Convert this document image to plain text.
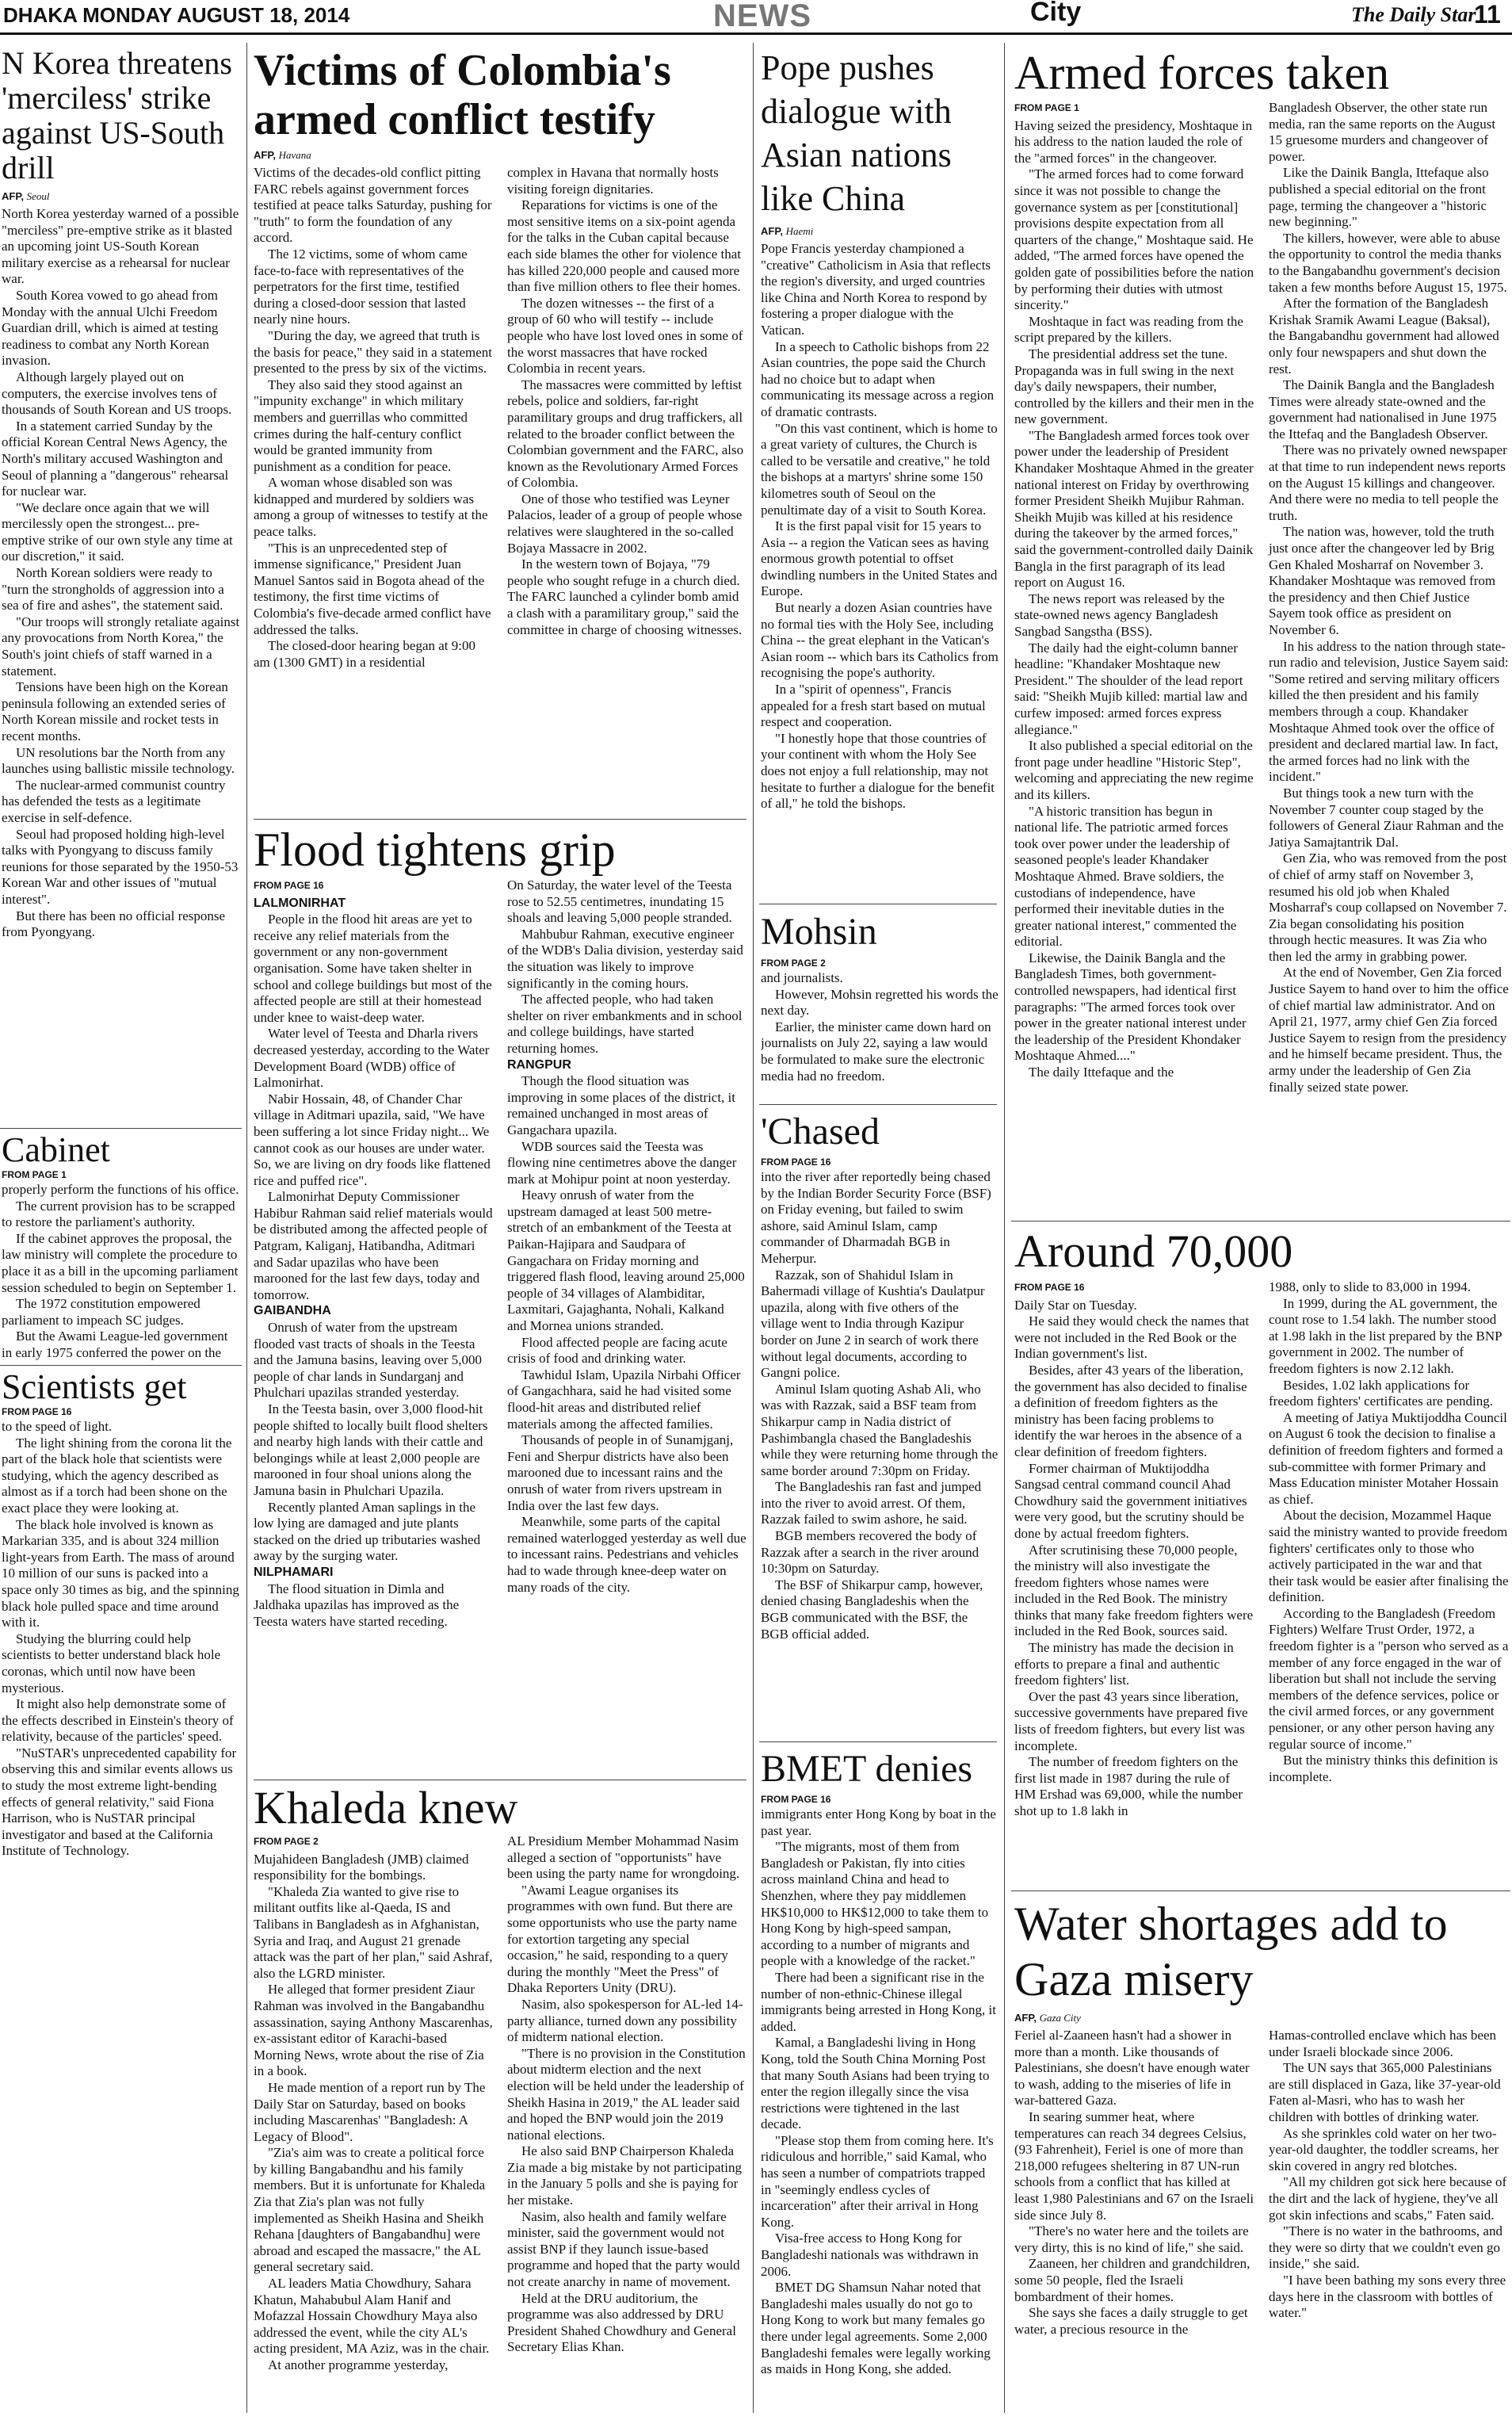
DHAKA MONDAY AUGUST 18, 2014	NEWS	City	The Daily Star
11
N Korea threatens 'merciless' strike against US-South drill
AFP, Seoul

North Korea yesterday warned of a possible "merciless" pre-emptive strike as it blasted an upcoming joint US-South Korean military exercise as a rehearsal for nuclear war.

South Korea vowed to go ahead from Monday with the annual Ulchi Freedom Guardian drill, which is aimed at testing readiness to combat any North Korean invasion.

Although largely played out on computers, the exercise involves tens of thousands of South Korean and US troops.

In a statement carried Sunday by the official Korean Central News Agency, the North's military accused Washington and Seoul of planning a "dangerous" rehearsal for nuclear war.

"We declare once again that we will mercilessly open the strongest... pre-emptive strike of our own style any time at our discretion," it said.

North Korean soldiers were ready to "turn the strongholds of aggression into a sea of fire and ashes", the statement said.

"Our troops will strongly retaliate against any provocations from North Korea," the South's joint chiefs of staff warned in a statement.

Tensions have been high on the Korean peninsula following an extended series of North Korean missile and rocket tests in recent months.

UN resolutions bar the North from any launches using ballistic missile technology.

The nuclear-armed communist country has defended the tests as a legitimate exercise in self-defence.

Seoul had proposed holding high-level talks with Pyongyang to discuss family reunions for those separated by the 1950-53 Korean War and other issues of "mutual interest".

But there has been no official response from Pyongyang.

Cabinet
FROM PAGE 1

properly perform the functions of his office.

The current provision has to be scrapped to restore the parliament's authority.

If the cabinet approves the proposal, the law ministry will complete the procedure to place it as a bill in the upcoming parliament session scheduled to begin on September 1.

The 1972 constitution empowered parliament to impeach SC judges.

But the Awami League-led government in early 1975 conferred the power on the

Scientists get
FROM PAGE 16

to the speed of light.

The light shining from the corona lit the part of the black hole that scientists were studying, which the agency described as almost as if a torch had been shone on the exact place they were looking at.

The black hole involved is known as Markarian 335, and is about 324 million light-years from Earth. The mass of around 10 million of our suns is packed into a space only 30 times as big, and the spinning black hole pulled space and time around with it.

Studying the blurring could help scientists to better understand black hole coronas, which until now have been mysterious.

It might also help demonstrate some of the effects described in Einstein's theory of relativity, because of the particles' speed.

"NuSTAR's unprecedented capability for observing this and similar events allows us to study the most extreme light-bending effects of general relativity," said Fiona Harrison, who is NuSTAR principal investigator and based at the California Institute of Technology.

Victims of Colombia's armed conflict testify
AFP, Havana

Victims of the decades-old conflict pitting FARC rebels against government forces testified at peace talks Saturday, pushing for "truth" to form the foundation of any accord.

The 12 victims, some of whom came face-to-face with representatives of the perpetrators for the first time, testified during a closed-door session that lasted nearly nine hours.

"During the day, we agreed that truth is the basis for peace," they said in a statement presented to the press by six of the victims.

They also said they stood against an "impunity exchange" in which military members and guerrillas who committed crimes during the half-century conflict would be granted immunity from punishment as a condition for peace.

A woman whose disabled son was kidnapped and murdered by soldiers was among a group of witnesses to testify at the peace talks.

"This is an unprecedented step of immense significance," President Juan Manuel Santos said in Bogota ahead of the testimony, the first time victims of Colombia's five-decade armed conflict have addressed the talks.

The closed-door hearing began at 9:00 am (1300 GMT) in a residential

complex in Havana that normally hosts visiting foreign dignitaries.

Reparations for victims is one of the most sensitive items on a six-point agenda for the talks in the Cuban capital because each side blames the other for violence that has killed 220,000 people and caused more than five million others to flee their homes.

The dozen witnesses -- the first of a group of 60 who will testify -- include people who have lost loved ones in some of the worst massacres that have rocked Colombia in recent years.

The massacres were committed by leftist rebels, police and soldiers, far-right paramilitary groups and drug traffickers, all related to the broader conflict between the Colombian government and the FARC, also known as the Revolutionary Armed Forces of Colombia.

One of those who testified was Leyner Palacios, leader of a group of people whose relatives were slaughtered in the so-called Bojaya Massacre in 2002.

In the western town of Bojaya, "79 people who sought refuge in a church died. The FARC launched a cylinder bomb amid a clash with a paramilitary group," said the committee in charge of choosing witnesses.

Flood tightens grip
FROM PAGE 16

LALMONIRHAT

People in the flood hit areas are yet to receive any relief materials from the government or any non-government organisation. Some have taken shelter in school and college buildings but most of the affected people are still at their homestead under knee to waist-deep water.

Water level of Teesta and Dharla rivers decreased yesterday, according to the Water Development Board (WDB) office of Lalmonirhat.

Nabir Hossain, 48, of Chander Char village in Aditmari upazila, said, "We have been suffering a lot since Friday night... We cannot cook as our houses are under water. So, we are living on dry foods like flattened rice and puffed rice".

Lalmonirhat Deputy Commissioner Habibur Rahman said relief materials would be distributed among the affected people of Patgram, Kaliganj, Hatibandha, Aditmari and Sadar upazilas who have been marooned for the last few days, today and tomorrow.

GAIBANDHA

Onrush of water from the upstream flooded vast tracts of shoals in the Teesta and the Jamuna basins, leaving over 5,000 people of char lands in Sundarganj and Phulchari upazilas stranded yesterday.

In the Teesta basin, over 3,000 flood-hit people shifted to locally built flood shelters and nearby high lands with their cattle and belongings while at least 2,000 people are marooned in four shoal unions along the Jamuna basin in Phulchari Upazila.

Recently planted Aman saplings in the low lying are damaged and jute plants stacked on the dried up tributaries washed away by the surging water.

NILPHAMARI

The flood situation in Dimla and Jaldhaka upazilas has improved as the Teesta waters have started receding.

On Saturday, the water level of the Teesta rose to 52.55 centimetres, inundating 15 shoals and leaving 5,000 people stranded.

Mahbubur Rahman, executive engineer of the WDB's Dalia division, yesterday said the situation was likely to improve significantly in the coming hours.

The affected people, who had taken shelter on river embankments and in school and college buildings, have started returning homes.

RANGPUR

Though the flood situation was improving in some places of the district, it remained unchanged in most areas of Gangachara upazila.

WDB sources said the Teesta was flowing nine centimetres above the danger mark at Mohipur point at noon yesterday.

Heavy onrush of water from the upstream damaged at least 500 metre-stretch of an embankment of the Teesta at Paikan-Hajipara and Saudpara of Gangachara on Friday morning and triggered flash flood, leaving around 25,000 people of 34 villages of Alambiditar, Laxmitari, Gajaghanta, Nohali, Kalkand and Mornea unions stranded.

Flood affected people are facing acute crisis of food and drinking water.

Tawhidul Islam, Upazila Nirbahi Officer of Gangachhara, said he had visited some flood-hit areas and distributed relief materials among the affected families.

Thousands of people in of Sunamjganj, Feni and Sherpur districts have also been marooned due to incessant rains and the onrush of water from rivers upstream in India over the last few days.

Meanwhile, some parts of the capital remained waterlogged yesterday as well due to incessant rains. Pedestrians and vehicles had to wade through knee-deep water on many roads of the city.

Khaleda knew
FROM PAGE 2

Mujahideen Bangladesh (JMB) claimed responsibility for the bombings.

"Khaleda Zia wanted to give rise to militant outfits like al-Qaeda, IS and Talibans in Bangladesh as in Afghanistan, Syria and Iraq, and August 21 grenade attack was the part of her plan," said Ashraf, also the LGRD minister.

He alleged that former president Ziaur Rahman was involved in the Bangabandhu assassination, saying Anthony Mascarenhas, ex-assistant editor of Karachi-based Morning News, wrote about the rise of Zia in a book.

He made mention of a report run by The Daily Star on Saturday, based on books including Mascarenhas' "Bangladesh: A Legacy of Blood".

"Zia's aim was to create a political force by killing Bangabandhu and his family members. But it is unfortunate for Khaleda Zia that Zia's plan was not fully implemented as Sheikh Hasina and Sheikh Rehana [daughters of Bangabandhu] were abroad and escaped the massacre," the AL general secretary said.

AL leaders Matia Chowdhury, Sahara Khatun, Mahabubul Alam Hanif and Mofazzal Hossain Chowdhury Maya also addressed the event, while the city AL's acting president, MA Aziz, was in the chair.

At another programme yesterday,

AL Presidium Member Mohammad Nasim alleged a section of "opportunists" have been using the party name for wrongdoing.

"Awami League organises its programmes with own fund. But there are some opportunists who use the party name for extortion targeting any special occasion," he said, responding to a query during the monthly "Meet the Press" of Dhaka Reporters Unity (DRU).

Nasim, also spokesperson for AL-led 14-party alliance, turned down any possibility of midterm national election.

"There is no provision in the Constitution about midterm election and the next election will be held under the leadership of Sheikh Hasina in 2019," the AL leader said and hoped the BNP would join the 2019 national elections.

He also said BNP Chairperson Khaleda Zia made a big mistake by not participating in the January 5 polls and she is paying for her mistake.

Nasim, also health and family welfare minister, said the government would not assist BNP if they launch issue-based programme and hoped that the party would not create anarchy in name of movement.

Held at the DRU auditorium, the programme was also addressed by DRU President Shahed Chowdhury and General Secretary Elias Khan.

Pope pushes dialogue with Asian nations like China
AFP, Haemi

Pope Francis yesterday championed a "creative" Catholicism in Asia that reflects the region's diversity, and urged countries like China and North Korea to respond by fostering a proper dialogue with the Vatican.

In a speech to Catholic bishops from 22 Asian countries, the pope said the Church had no choice but to adapt when communicating its message across a region of dramatic contrasts.

"On this vast continent, which is home to a great variety of cultures, the Church is called to be versatile and creative," he told the bishops at a martyrs' shrine some 150 kilometres south of Seoul on the penultimate day of a visit to South Korea.

It is the first papal visit for 15 years to Asia -- a region the Vatican sees as having enormous growth potential to offset dwindling numbers in the United States and Europe.

But nearly a dozen Asian countries have no formal ties with the Holy See, including China -- the great elephant in the Vatican's Asian room -- which bars its Catholics from recognising the pope's authority.

In a "spirit of openness", Francis appealed for a fresh start based on mutual respect and cooperation.

"I honestly hope that those countries of your continent with whom the Holy See does not enjoy a full relationship, may not hesitate to further a dialogue for the benefit of all," he told the bishops.

Mohsin
FROM PAGE 2

and journalists.

However, Mohsin regretted his words the next day.

Earlier, the minister came down hard on journalists on July 22, saying a law would be formulated to make sure the electronic media had no freedom.

'Chased
FROM PAGE 16

into the river after reportedly being chased by the Indian Border Security Force (BSF) on Friday evening, but failed to swim ashore, said Aminul Islam, camp commander of Dharmadah BGB in Meherpur.

Razzak, son of Shahidul Islam in Bahermadi village of Kushtia's Daulatpur upazila, along with five others of the village went to India through Kazipur border on June 2 in search of work there without legal documents, according to Gangni police.

Aminul Islam quoting Ashab Ali, who was with Razzak, said a BSF team from Shikarpur camp in Nadia district of Pashimbangla chased the Bangladeshis while they were returning home through the same border around 7:30pm on Friday.

The Bangladeshis ran fast and jumped into the river to avoid arrest. Of them, Razzak failed to swim ashore, he said.

BGB members recovered the body of Razzak after a search in the river around 10:30pm on Saturday.

The BSF of Shikarpur camp, however, denied chasing Bangladeshis when the BGB communicated with the BSF, the BGB official added.

BMET denies
FROM PAGE 16

immigrants enter Hong Kong by boat in the past year.

"The migrants, most of them from Bangladesh or Pakistan, fly into cities across mainland China and head to Shenzhen, where they pay middlemen HK$10,000 to HK$12,000 to take them to Hong Kong by high-speed sampan, according to a number of migrants and people with a knowledge of the racket."

There had been a significant rise in the number of non-ethnic-Chinese illegal immigrants being arrested in Hong Kong, it added.

Kamal, a Bangladeshi living in Hong Kong, told the South China Morning Post that many South Asians had been trying to enter the region illegally since the visa restrictions were tightened in the last decade.

"Please stop them from coming here. It's ridiculous and horrible," said Kamal, who has seen a number of compatriots trapped in "seemingly endless cycles of incarceration" after their arrival in Hong Kong.

Visa-free access to Hong Kong for Bangladeshi nationals was withdrawn in 2006.

BMET DG Shamsun Nahar noted that Bangladeshi males usually do not go to Hong Kong to work but many females go there under legal agreements. Some 2,000 Bangladeshi females were legally working as maids in Hong Kong, she added.

Armed forces taken
FROM PAGE 1

Having seized the presidency, Moshtaque in his address to the nation lauded the role of the "armed forces" in the changeover.

"The armed forces had to come forward since it was not possible to change the governance system as per [constitutional] provisions despite expectation from all quarters of the change," Moshtaque said. He added, "The armed forces have opened the golden gate of possibilities before the nation by performing their duties with utmost sincerity."

Moshtaque in fact was reading from the script prepared by the killers.

The presidential address set the tune. Propaganda was in full swing in the next day's daily newspapers, their number, controlled by the killers and their men in the new government.

"The Bangladesh armed forces took over power under the leadership of President Khandaker Moshtaque Ahmed in the greater national interest on Friday by overthrowing former President Sheikh Mujibur Rahman. Sheikh Mujib was killed at his residence during the takeover by the armed forces," said the government-controlled daily Dainik Bangla in the first paragraph of its lead report on August 16.

The news report was released by the state-owned news agency Bangladesh Sangbad Sangstha (BSS).

The daily had the eight-column banner headline: "Khandaker Moshtaque new President." The shoulder of the lead report said: "Sheikh Mujib killed: martial law and curfew imposed: armed forces express allegiance."

It also published a special editorial on the front page under headline "Historic Step", welcoming and appreciating the new regime and its killers.

"A historic transition has begun in national life. The patriotic armed forces took over power under the leadership of seasoned people's leader Khandaker Moshtaque Ahmed. Brave soldiers, the custodians of independence, have performed their inevitable duties in the greater national interest," commented the editorial.

Likewise, the Dainik Bangla and the Bangladesh Times, both government-controlled newspapers, had identical first paragraphs: "The armed forces took over power in the greater national interest under the leadership of the President Khondaker Moshtaque Ahmed...."

The daily Ittefaque and the

Bangladesh Observer, the other state run media, ran the same reports on the August 15 gruesome murders and changeover of power.

Like the Dainik Bangla, Ittefaque also published a special editorial on the front page, terming the changeover a "historic new beginning."

The killers, however, were able to abuse the opportunity to control the media thanks to the Bangabandhu government's decision taken a few months before August 15, 1975.

After the formation of the Bangladesh Krishak Sramik Awami League (Baksal), the Bangabandhu government had allowed only four newspapers and shut down the rest.

The Dainik Bangla and the Bangladesh Times were already state-owned and the government had nationalised in June 1975 the Ittefaq and the Bangladesh Observer.

There was no privately owned newspaper at that time to run independent news reports on the August 15 killings and changeover. And there were no media to tell people the truth.

The nation was, however, told the truth just once after the changeover led by Brig Gen Khaled Mosharraf on November 3. Khandaker Moshtaque was removed from the presidency and then Chief Justice Sayem took office as president on November 6.

In his address to the nation through state-run radio and television, Justice Sayem said: "Some retired and serving military officers killed the then president and his family members through a coup. Khandaker Moshtaque Ahmed took over the office of president and declared martial law. In fact, the armed forces had no link with the incident."

But things took a new turn with the November 7 counter coup staged by the followers of General Ziaur Rahman and the Jatiya Samajtantrik Dal.

Gen Zia, who was removed from the post of chief of army staff on November 3, resumed his old job when Khaled Mosharraf's coup collapsed on November 7. Zia began consolidating his position through hectic measures. It was Zia who then led the army in grabbing power.

At the end of November, Gen Zia forced Justice Sayem to hand over to him the office of chief martial law administrator. And on April 21, 1977, army chief Gen Zia forced Justice Sayem to resign from the presidency and he himself became president. Thus, the army under the leadership of Gen Zia finally seized state power.

Around 70,000
FROM PAGE 16

Daily Star on Tuesday.

He said they would check the names that were not included in the Red Book or the Indian government's list.

Besides, after 43 years of the liberation, the government has also decided to finalise a definition of freedom fighters as the ministry has been facing problems to identify the war heroes in the absence of a clear definition of freedom fighters.

Former chairman of Muktijoddha Sangsad central command council Ahad Chowdhury said the government initiatives were very good, but the scrutiny should be done by actual freedom fighters.

After scrutinising these 70,000 people, the ministry will also investigate the freedom fighters whose names were included in the Red Book. The ministry thinks that many fake freedom fighters were included in the Red Book, sources said.

The ministry has made the decision in efforts to prepare a final and authentic freedom fighters' list.

Over the past 43 years since liberation, successive governments have prepared five lists of freedom fighters, but every list was incomplete.

The number of freedom fighters on the first list made in 1987 during the rule of HM Ershad was 69,000, while the number shot up to 1.8 lakh in

1988, only to slide to 83,000 in 1994.

In 1999, during the AL government, the count rose to 1.54 lakh. The number stood at 1.98 lakh in the list prepared by the BNP government in 2002. The number of freedom fighters is now 2.12 lakh.

Besides, 1.02 lakh applications for freedom fighters' certificates are pending.

A meeting of Jatiya Muktijoddha Council on August 6 took the decision to finalise a definition of freedom fighters and formed a sub-committee with former Primary and Mass Education minister Motaher Hossain as chief.

About the decision, Mozammel Haque said the ministry wanted to provide freedom fighters' certificates only to those who actively participated in the war and that their task would be easier after finalising the definition.

According to the Bangladesh (Freedom Fighters) Welfare Trust Order, 1972, a freedom fighter is a "person who served as a member of any force engaged in the war of liberation but shall not include the serving members of the defence services, police or the civil armed forces, or any government pensioner, or any other person having any regular source of income."

But the ministry thinks this definition is incomplete.

Water shortages add to Gaza misery
AFP, Gaza City

Feriel al-Zaaneen hasn't had a shower in more than a month. Like thousands of Palestinians, she doesn't have enough water to wash, adding to the miseries of life in war-battered Gaza.

In searing summer heat, where temperatures can reach 34 degrees Celsius, (93 Fahrenheit), Feriel is one of more than 218,000 refugees sheltering in 87 UN-run schools from a conflict that has killed at least 1,980 Palestinians and 67 on the Israeli side since July 8.

"There's no water here and the toilets are very dirty, this is no kind of life," she said.

Zaaneen, her children and grandchildren, some 50 people, fled the Israeli bombardment of their homes.

She says she faces a daily struggle to get water, a precious resource in the

Hamas-controlled enclave which has been under Israeli blockade since 2006.

The UN says that 365,000 Palestinians are still displaced in Gaza, like 37-year-old Faten al-Masri, who has to wash her children with bottles of drinking water.

As she sprinkles cold water on her two-year-old daughter, the toddler screams, her skin covered in angry red blotches.

"All my children got sick here because of the dirt and the lack of hygiene, they've all got skin infections and scabs," Faten said.

"There is no water in the bathrooms, and they were so dirty that we couldn't even go inside," she said.

"I have been bathing my sons every three days here in the classroom with bottles of water."
